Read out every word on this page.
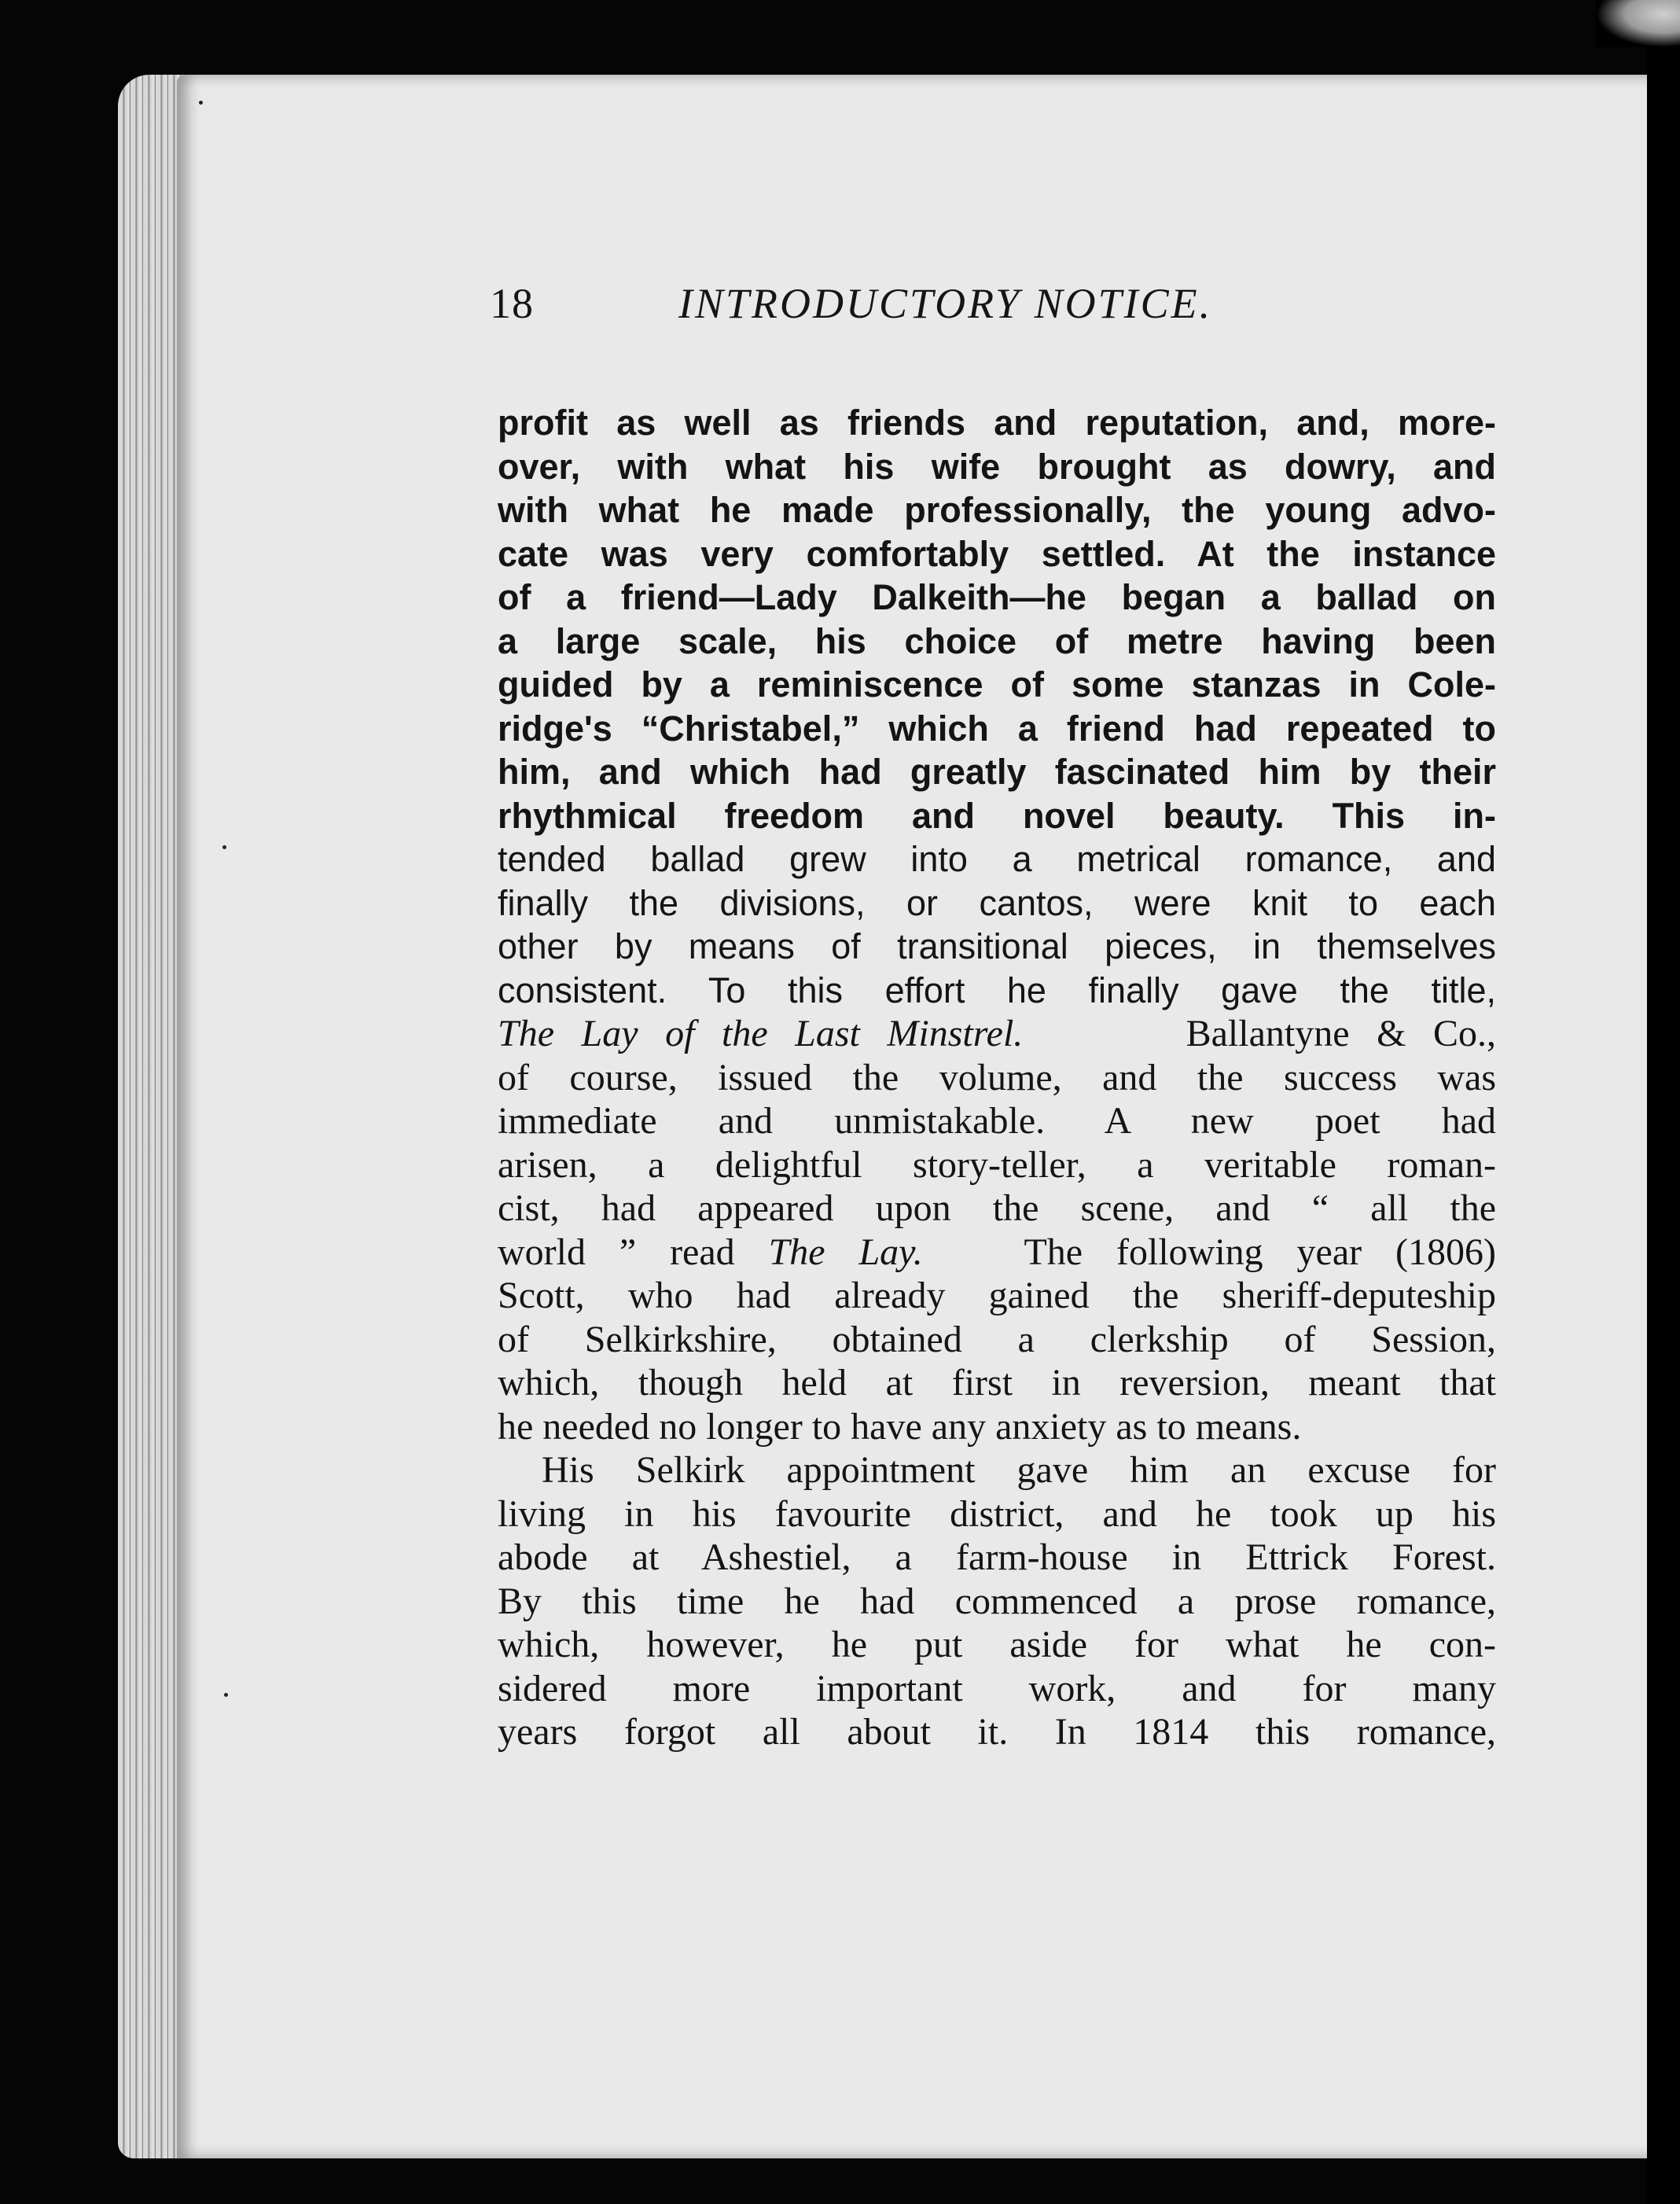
18	INTRODUCTORY NOTICE.
profit as well as friends and reputation, and, more-
over, with what his wife brought as dowry, and
with what he made professionally, the young advo-
cate was very comfortably settled. At the instance
of a friend—Lady Dalkeith—he began a ballad on
a large scale, his choice of metre having been
guided by a reminiscence of some stanzas in Cole-
ridge's “Christabel,” which a friend had repeated to
him, and which had greatly fascinated him by their
rhythmical freedom and novel beauty. This in-
tended ballad grew into a metrical romance, and
finally the divisions, or cantos, were knit to each
other by means of transitional pieces, in themselves
consistent. To this effort he finally gave the title,
The Lay of the Last Minstrel.	Ballantyne & Co.,
of course, issued the volume, and the success was
immediate and unmistakable. A new poet had
arisen, a delightful story-teller, a veritable roman-
cist, had appeared upon the scene, and “ all the
world ” read The Lay.	The following year (1806)
Scott, who had already gained the sheriff-deputeship
of Selkirkshire, obtained a clerkship of Session,
which, though held at first in reversion, meant that
he needed no longer to have any anxiety as to means.
His Selkirk appointment gave him an excuse for
living in his favourite district, and he took up his
abode at Ashestiel, a farm-house in Ettrick Forest.
By this time he had commenced a prose romance,
which, however, he put aside for what he con-
sidered more important work, and for many
years forgot all about it. In 1814 this romance,
